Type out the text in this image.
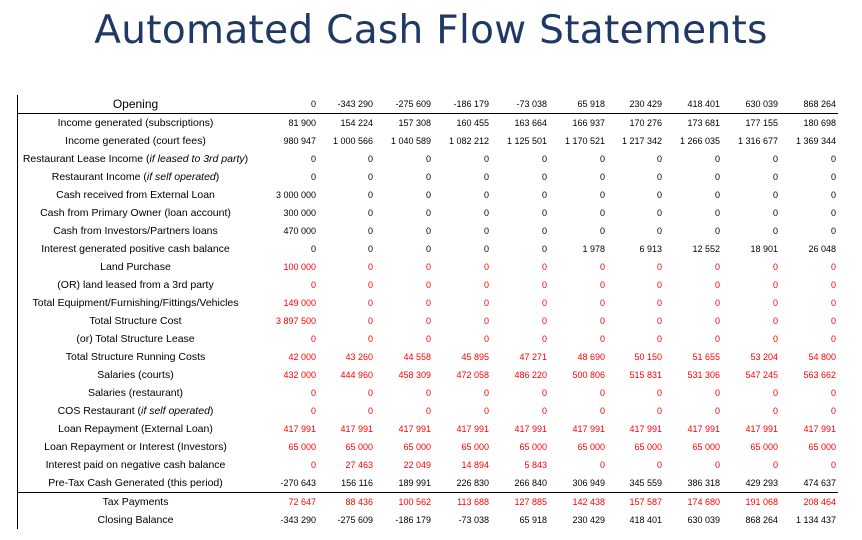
Automated Cash Flow Statements
Opening	0	-343 290	-275 609	-186 179	-73 038	65 918	230 429	418 401	630 039	868 264
Income generated (subscriptions)	81 900	154 224	157 308	160 455	163 664	166 937	170 276	173 681	177 155	180 698
Income generated (court fees)	980 947	1 000 566	1 040 589	1 082 212	1 125 501	1 170 521	1 217 342	1 266 035	1 316 677	1 369 344
Restaurant Lease Income (if leased to 3rd party)	0	0	0	0	0	0	0	0	0	0
Restaurant Income (if self operated)	0	0	0	0	0	0	0	0	0	0
Cash received from External Loan	3 000 000	0	0	0	0	0	0	0	0	0
Cash from Primary Owner (loan account)	300 000	0	0	0	0	0	0	0	0	0
Cash from Investors/Partners loans	470 000	0	0	0	0	0	0	0	0	0
Interest generated positive cash balance	0	0	0	0	0	1 978	6 913	12 552	18 901	26 048
Land Purchase	100 000	0	0	0	0	0	0	0	0	0
(OR) land leased from a 3rd party	0	0	0	0	0	0	0	0	0	0
Total Equipment/Furnishing/Fittings/Vehicles	149 000	0	0	0	0	0	0	0	0	0
Total Structure Cost	3 897 500	0	0	0	0	0	0	0	0	0
(or) Total Structure Lease	0	0	0	0	0	0	0	0	0	0
Total Structure Running Costs	42 000	43 260	44 558	45 895	47 271	48 690	50 150	51 655	53 204	54 800
Salaries (courts)	432 000	444 960	458 309	472 058	486 220	500 806	515 831	531 306	547 245	563 662
Salaries (restaurant)	0	0	0	0	0	0	0	0	0	0
COS Restaurant (if self operated)	0	0	0	0	0	0	0	0	0	0
Loan Repayment (External Loan)	417 991	417 991	417 991	417 991	417 991	417 991	417 991	417 991	417 991	417 991
Loan Repayment or Interest (Investors)	65 000	65 000	65 000	65 000	65 000	65 000	65 000	65 000	65 000	65 000
Interest paid on negative cash balance	0	27 463	22 049	14 894	5 843	0	0	0	0	0
Pre-Tax Cash Generated (this period)	-270 643	156 116	189 991	226 830	266 840	306 949	345 559	386 318	429 293	474 637
Tax Payments	72 647	88 436	100 562	113 688	127 885	142 438	157 587	174 680	191 068	208 464
Closing Balance	-343 290	-275 609	-186 179	-73 038	65 918	230 429	418 401	630 039	868 264	1 134 437
